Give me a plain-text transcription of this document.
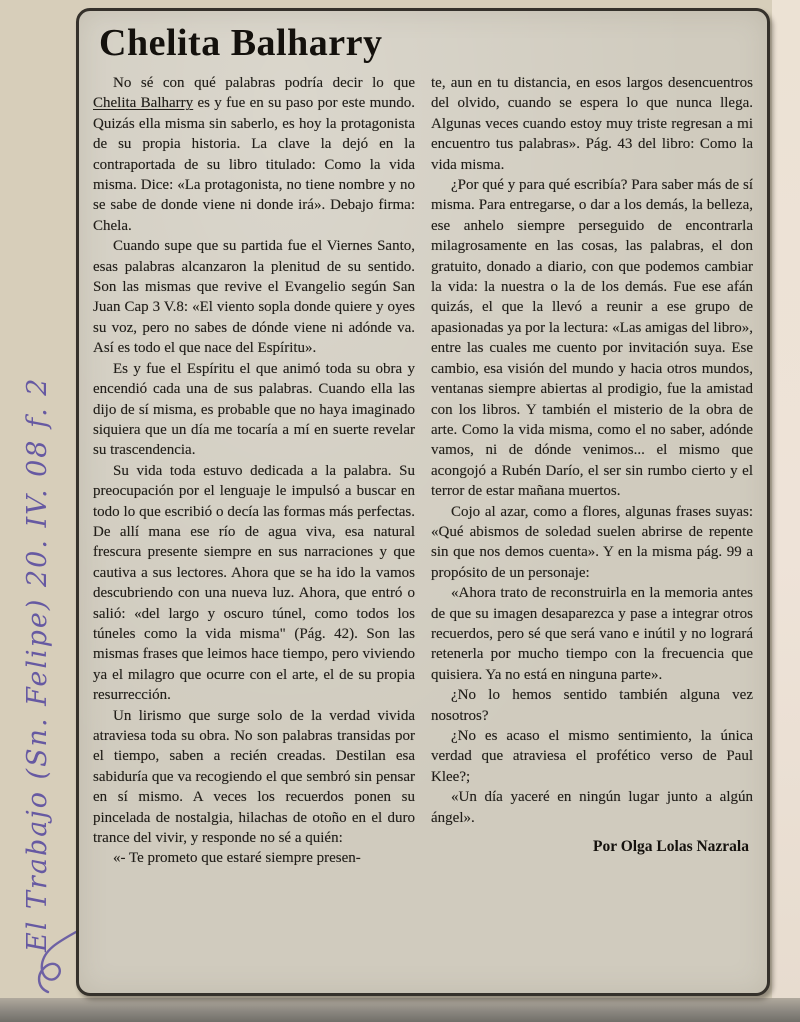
El Trabajo (Sn. Felipe) 20. IV. 08 f. 2
Chelita Balharry

No sé con qué palabras podría decir lo que Chelita Balharry es y fue en su paso por este mundo. Quizás ella misma sin saberlo, es hoy la protagonista de su propia historia. La clave la dejó en la contraportada de su libro titulado: Como la vida misma. Dice: «La protagonista, no tiene nombre y no se sabe de donde viene ni donde irá». Debajo firma: Chela.

Cuando supe que su partida fue el Viernes Santo, esas palabras alcanzaron la plenitud de su sentido. Son las mismas que revive el Evangelio según San Juan Cap 3 V.8: «El viento sopla donde quiere y oyes su voz, pero no sabes de dónde viene ni adónde va. Así es todo el que nace del Espíritu».

Es y fue el Espíritu el que animó toda su obra y encendió cada una de sus palabras. Cuando ella las dijo de sí misma, es probable que no haya imaginado siquiera que un día me tocaría a mí en suerte revelar su trascendencia.

Su vida toda estuvo dedicada a la palabra. Su preocupación por el lenguaje le impulsó a buscar en todo lo que escribió o decía las formas más perfectas. De allí mana ese río de agua viva, esa natural frescura presente siempre en sus narraciones y que cautiva a sus lectores. Ahora que se ha ido la vamos descubriendo con una nueva luz. Ahora, que entró o salió: «del largo y oscuro túnel, como todos los túneles como la vida misma" (Pág. 42). Son las mismas frases que leimos hace tiempo, pero viviendo ya el milagro que ocurre con el arte, el de su propia resurrección.

Un lirismo que surge solo de la verdad vivida atraviesa toda su obra. No son palabras transidas por el tiempo, saben a recién creadas. Destilan esa sabiduría que va recogiendo el que sembró sin pensar en sí mismo. A veces los recuerdos ponen su pincelada de nostalgia, hilachas de otoño en el duro trance del vivir, y responde no sé a quién:

«- Te prometo que estaré siempre presen-

te, aun en tu distancia, en esos largos desencuentros del olvido, cuando se espera lo que nunca llega. Algunas veces cuando estoy muy triste regresan a mi encuentro tus palabras». Pág. 43 del libro: Como la vida misma.

¿Por qué y para qué escribía? Para saber más de sí misma. Para entregarse, o dar a los demás, la belleza, ese anhelo siempre perseguido de encontrarla milagrosamente en las cosas, las palabras, el don gratuito, donado a diario, con que podemos cambiar la vida: la nuestra o la de los demás. Fue ese afán quizás, el que la llevó a reunir a ese grupo de apasionadas ya por la lectura: «Las amigas del libro», entre las cuales me cuento por invitación suya. Ese cambio, esa visión del mundo y hacia otros mundos, ventanas siempre abiertas al prodigio, fue la amistad con los libros. Y también el misterio de la obra de arte. Como la vida misma, como el no saber, adónde vamos, ni de dónde venimos... el mismo que acongojó a Rubén Darío, el ser sin rumbo cierto y el terror de estar mañana muertos.

Cojo al azar, como a flores, algunas frases suyas: «Qué abismos de soledad suelen abrirse de repente sin que nos demos cuenta». Y en la misma pág. 99 a propósito de un personaje:

«Ahora trato de reconstruirla en la memoria antes de que su imagen desaparezca y pase a integrar otros recuerdos, pero sé que será vano e inútil y no logrará retenerla por mucho tiempo con la frecuencia que quisiera. Ya no está en ninguna parte».

¿No lo hemos sentido también alguna vez nosotros?

¿No es acaso el mismo sentimiento, la única verdad que atraviesa el profético verso de Paul Klee?;

«Un día yaceré en ningún lugar junto a algún ángel».

Por Olga Lolas Nazrala
